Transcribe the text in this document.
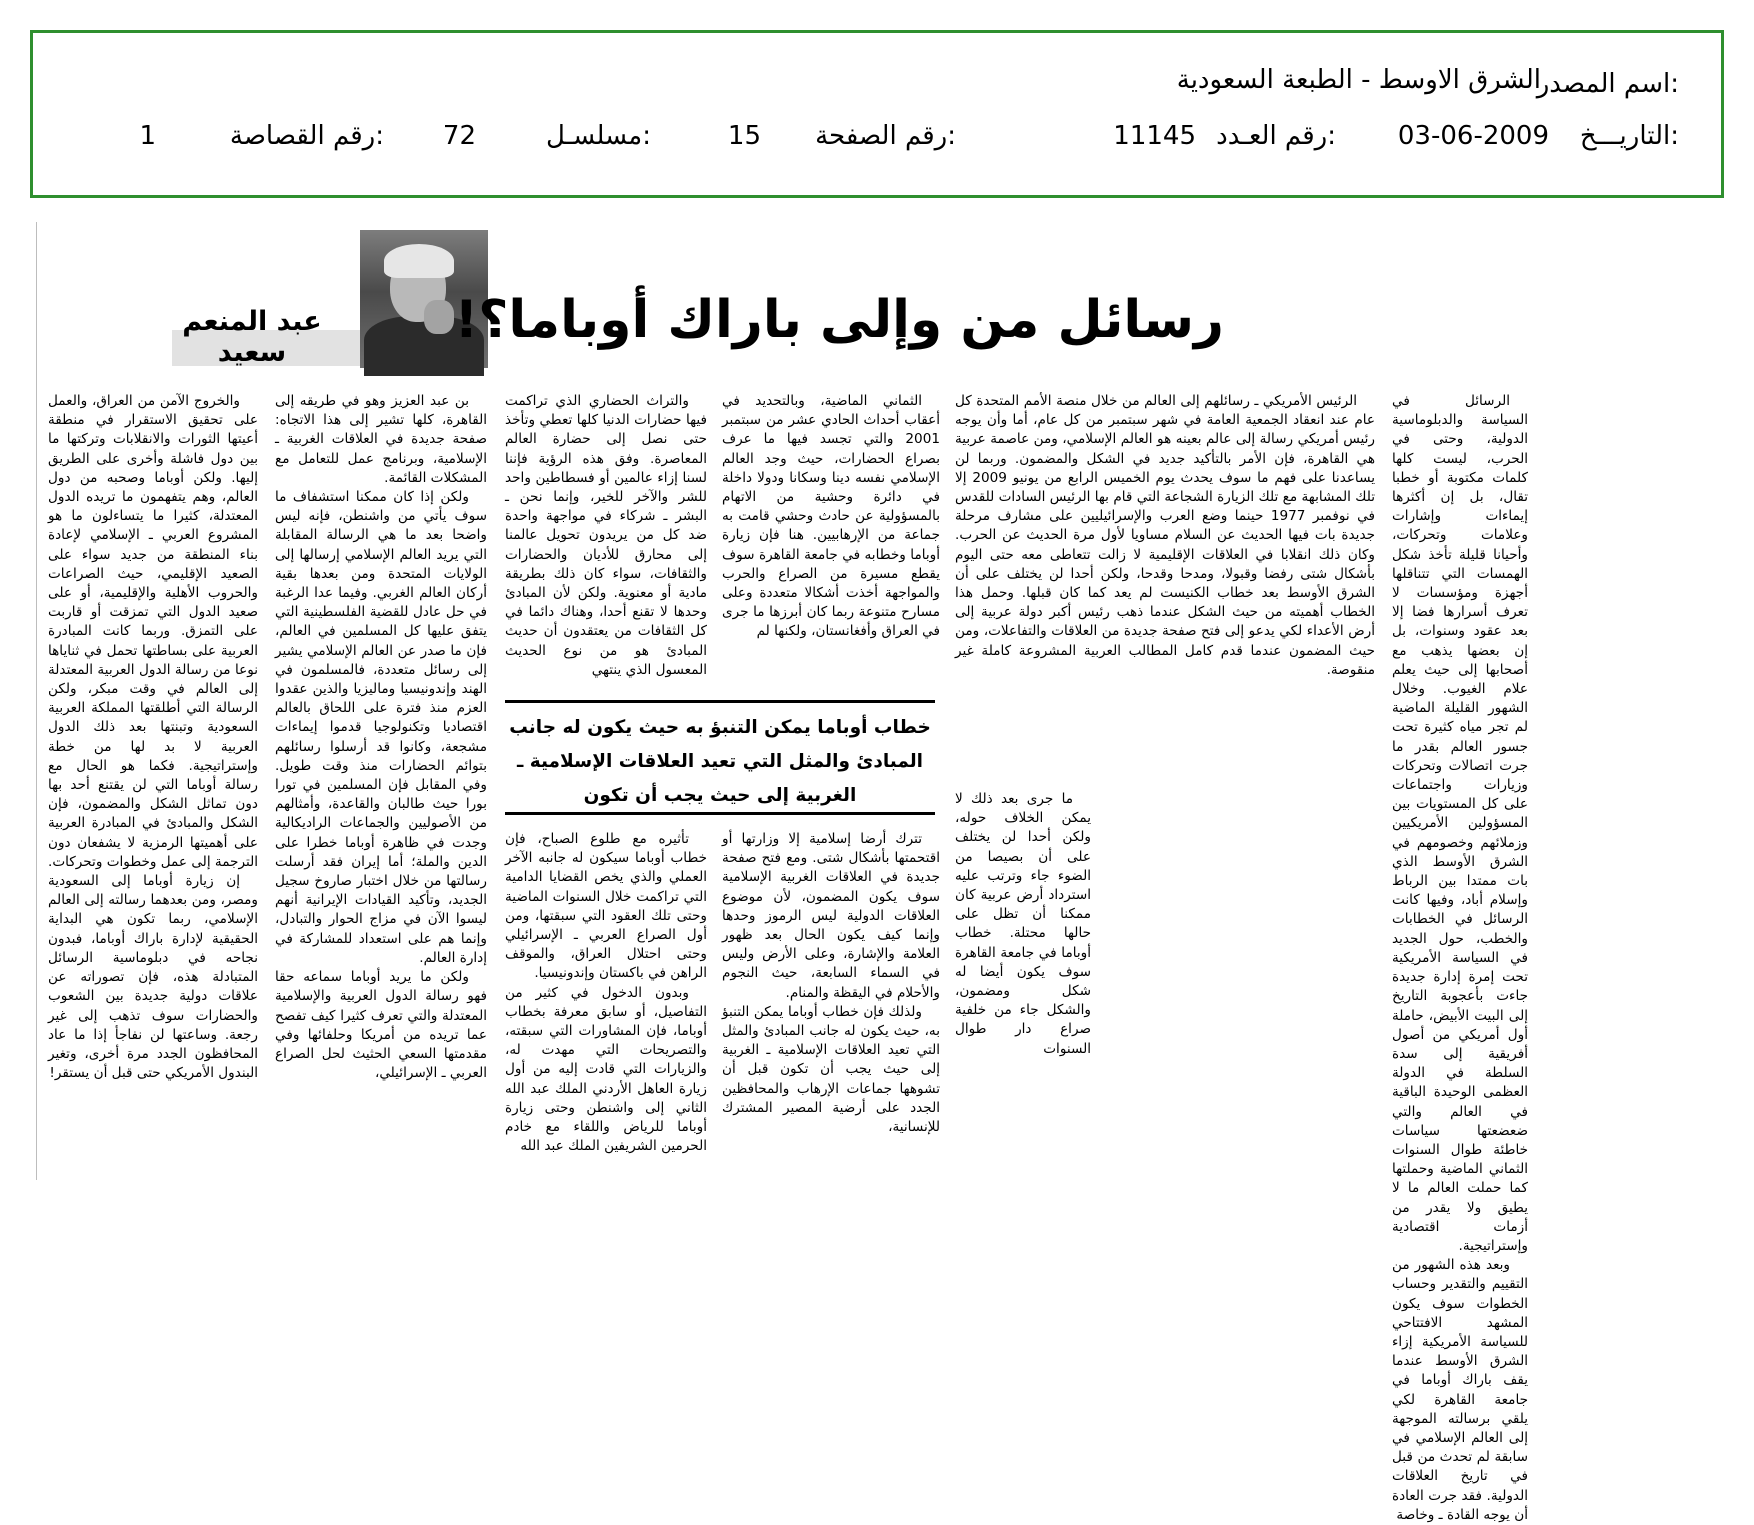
اسم المصدر:
الشرق الاوسط - الطبعة السعودية
التاريـــخ:
03-06-2009
رقم العـدد:
11145
رقم الصفحة:
15
مسلسـل:
72
رقم القصاصة:
1
عبد المنعم سعيد
رسائل من وإلى باراك أوباما؟!

الرسائل في السياسة والدبلوماسية الدولية، وحتى في الحرب، ليست كلها كلمات مكتوبة أو خطبا تقال، بل إن أكثرها إيماءات وإشارات وعلامات وتحركات، وأحيانا قليلة تأخذ شكل الهمسات التي تتناقلها أجهزة ومؤسسات لا تعرف أسرارها فضا إلا بعد عقود وسنوات، بل إن بعضها يذهب مع أصحابها إلى حيث يعلم علام الغيوب. وخلال الشهور القليلة الماضية لم تجر مياه كثيرة تحت جسور العالم بقدر ما جرت اتصالات وتحركات وزيارات واجتماعات على كل المستويات بين المسؤولين الأمريكيين وزملائهم وخصومهم في الشرق الأوسط الذي بات ممتدا بين الرباط وإسلام أباد، وفيها كانت الرسائل في الخطابات والخطب، حول الجديد في السياسة الأمريكية تحت إمرة إدارة جديدة جاءت بأعجوبة التاريخ إلى البيت الأبيض، حاملة أول أمريكي من أصول أفريقية إلى سدة السلطة في الدولة العظمى الوحيدة الباقية في العالم والتي ضعضعتها سياسات خاطئة طوال السنوات الثماني الماضية وحملتها كما حملت العالم ما لا يطيق ولا يقدر من أزمات اقتصادية وإستراتيجية.

وبعد هذه الشهور من التقييم والتقدير وحساب الخطوات سوف يكون المشهد الافتتاحي للسياسة الأمريكية إزاء الشرق الأوسط عندما يقف باراك أوباما في جامعة القاهرة لكي يلقي برسالته الموجهة إلى العالم الإسلامي في سابقة لم تحدث من قبل في تاريخ العلاقات الدولية. فقد جرت العادة أن يوجه القادة ـ وخاصة

الرئيس الأمريكي ـ رسائلهم إلى العالم من خلال منصة الأمم المتحدة كل عام عند انعقاد الجمعية العامة في شهر سبتمبر من كل عام، أما وأن يوجه رئيس أمريكي رسالة إلى عالم بعينه هو العالم الإسلامي، ومن عاصمة عربية هي القاهرة، فإن الأمر بالتأكيد جديد في الشكل والمضمون. وربما لن يساعدنا على فهم ما سوف يحدث يوم الخميس الرابع من يونيو 2009 إلا تلك المشابهة مع تلك الزيارة الشجاعة التي قام بها الرئيس السادات للقدس في نوفمبر 1977 حينما وضع العرب والإسرائيليين على مشارف مرحلة جديدة بات فيها الحديث عن السلام مساويا لأول مرة الحديث عن الحرب. وكان ذلك انقلابا في العلاقات الإقليمية لا زالت تتعاطى معه حتى اليوم بأشكال شتى رفضا وقبولا، ومدحا وقدحا، ولكن أحدا لن يختلف على أن الشرق الأوسط بعد خطاب الكنيست لم يعد كما كان قبلها. وحمل هذا الخطاب أهميته من حيث الشكل عندما ذهب رئيس أكبر دولة عربية إلى أرض الأعداء لكي يدعو إلى فتح صفحة جديدة من العلاقات والتفاعلات، ومن حيث المضمون عندما قدم كامل المطالب العربية المشروعة كاملة غير منقوصة.

ما جرى بعد ذلك لا يمكن الخلاف حوله، ولكن أحدا لن يختلف على أن بصيصا من الضوء جاء وترتب عليه استرداد أرض عربية كان ممكنا أن تظل على حالها محتلة. خطاب أوباما في جامعة القاهرة سوف يكون أيضا له شكل ومضمون، والشكل جاء من خلفية صراع دار طوال السنوات

الثماني الماضية، وبالتحديد في أعقاب أحداث الحادي عشر من سبتمبر 2001 والتي تجسد فيها ما عرف بصراع الحضارات، حيث وجد العالم الإسلامي نفسه دينا وسكانا ودولا داخلة في دائرة وحشية من الاتهام بالمسؤولية عن حادث وحشي قامت به جماعة من الإرهابيين. هنا فإن زيارة أوباما وخطابه في جامعة القاهرة سوف يقطع مسيرة من الصراع والحرب والمواجهة أخذت أشكالا متعددة وعلى مسارح متنوعة ربما كان أبرزها ما جرى في العراق وأفغانستان، ولكنها لم

والتراث الحضاري الذي تراكمت فيها حضارات الدنيا كلها تعطي وتأخذ حتى نصل إلى حضارة العالم المعاصرة. وفق هذه الرؤية فإننا لسنا إزاء عالمين أو فسطاطين واحد للشر والآخر للخير، وإنما نحن ـ البشر ـ شركاء في مواجهة واحدة ضد كل من يريدون تحويل عالمنا إلى محارق للأديان والحضارات والثقافات، سواء كان ذلك بطريقة مادية أو معنوية. ولكن لأن المبادئ وحدها لا تقنع أحدا، وهناك دائما في كل الثقافات من يعتقدون أن حديث المبادئ هو من نوع الحديث المعسول الذي ينتهي

خطاب أوباما يمكن التنبؤ به حيث يكون له جانب المبادئ والمثل التي تعيد العلاقات الإسلامية ـ الغربية إلى حيث يجب أن تكون

تترك أرضا إسلامية إلا وزارتها أو اقتحمتها بأشكال شتى. ومع فتح صفحة جديدة في العلاقات الغربية الإسلامية سوف يكون المضمون، لأن موضوع العلاقات الدولية ليس الرموز وحدها وإنما كيف يكون الحال بعد ظهور العلامة والإشارة، وعلى الأرض وليس في السماء السابعة، حيث النجوم والأحلام في اليقظة والمنام.

ولذلك فإن خطاب أوباما يمكن التنبؤ به، حيث يكون له جانب المبادئ والمثل التي تعيد العلاقات الإسلامية ـ الغربية إلى حيث يجب أن تكون قبل أن تشوهها جماعات الإرهاب والمحافظين الجدد على أرضية المصير المشترك للإنسانية،

تأثيره مع طلوع الصباح، فإن خطاب أوباما سيكون له جانبه الآخر العملي والذي يخص القضايا الدامية التي تراكمت خلال السنوات الماضية وحتى تلك العقود التي سبقتها، ومن أول الصراع العربي ـ الإسرائيلي وحتى احتلال العراق، والموقف الراهن في باكستان وإندونيسيا.

وبدون الدخول في كثير من التفاصيل، أو سابق معرفة بخطاب أوباما، فإن المشاورات التي سبقته، والتصريحات التي مهدت له، والزيارات التي قادت إليه من أول زيارة العاهل الأردني الملك عبد الله الثاني إلى واشنطن وحتى زيارة أوباما للرياض واللقاء مع خادم الحرمين الشريفين الملك عبد الله

بن عبد العزيز وهو في طريقه إلى القاهرة، كلها تشير إلى هذا الاتجاه: صفحة جديدة في العلاقات الغربية ـ الإسلامية، وبرنامج عمل للتعامل مع المشكلات القائمة.

ولكن إذا كان ممكنا استشفاف ما سوف يأتي من واشنطن، فإنه ليس واضحا بعد ما هي الرسالة المقابلة التي يريد العالم الإسلامي إرسالها إلى الولايات المتحدة ومن بعدها بقية أركان العالم الغربي. وفيما عدا الرغبة في حل عادل للقضية الفلسطينية التي يتفق عليها كل المسلمين في العالم، فإن ما صدر عن العالم الإسلامي يشير إلى رسائل متعددة، فالمسلمون في الهند وإندونيسيا وماليزيا والذين عقدوا العزم منذ فترة على اللحاق بالعالم اقتصاديا وتكنولوجيا قدموا إيماءات مشجعة، وكانوا قد أرسلوا رسائلهم بتوائم الحضارات منذ وقت طويل. وفي المقابل فإن المسلمين في تورا بورا حيث طالبان والقاعدة، وأمثالهم من الأصوليين والجماعات الراديكالية وجدت في ظاهرة أوباما خطرا على الدين والملة؛ أما إيران فقد أرسلت رسالتها من خلال اختبار صاروخ سجيل الجديد، وتأكيد القيادات الإيرانية أنهم ليسوا الآن في مزاج الحوار والتبادل، وإنما هم على استعداد للمشاركة في إدارة العالم.

ولكن ما يريد أوباما سماعه حقا فهو رسالة الدول العربية والإسلامية المعتدلة والتي تعرف كثيرا كيف تفصح عما تريده من أمريكا وحلفائها وفي مقدمتها السعي الحثيث لحل الصراع العربي ـ الإسرائيلي،

والخروج الآمن من العراق، والعمل على تحقيق الاستقرار في منطقة أعيتها الثورات والانقلابات وتركتها ما بين دول فاشلة وأخرى على الطريق إليها. ولكن أوباما وصحبه من دول العالم، وهم يتفهمون ما تريده الدول المعتدلة، كثيرا ما يتساءلون ما هو المشروع العربي ـ الإسلامي لإعادة بناء المنطقة من جديد سواء على الصعيد الإقليمي، حيث الصراعات والحروب الأهلية والإقليمية، أو على صعيد الدول التي تمزقت أو قاربت على التمزق. وربما كانت المبادرة العربية على بساطتها تحمل في ثناياها نوعا من رسالة الدول العربية المعتدلة إلى العالم في وقت مبكر، ولكن الرسالة التي أطلقتها المملكة العربية السعودية وتبنتها بعد ذلك الدول العربية لا بد لها من خطة وإستراتيجية. فكما هو الحال مع رسالة أوباما التي لن يقتنع أحد بها دون تماثل الشكل والمضمون، فإن الشكل والمبادئ في المبادرة العربية على أهميتها الرمزية لا يشفعان دون الترجمة إلى عمل وخطوات وتحركات.

إن زيارة أوباما إلى السعودية ومصر، ومن بعدهما رسالته إلى العالم الإسلامي، ربما تكون هي البداية الحقيقية لإدارة باراك أوباما، فبدون نجاحه في دبلوماسية الرسائل المتبادلة هذه، فإن تصوراته عن علاقات دولية جديدة بين الشعوب والحضارات سوف تذهب إلى غير رجعة. وساعتها لن نفاجأ إذا ما عاد المحافظون الجدد مرة أخرى، وتغير البندول الأمريكي حتى قبل أن يستقر!
